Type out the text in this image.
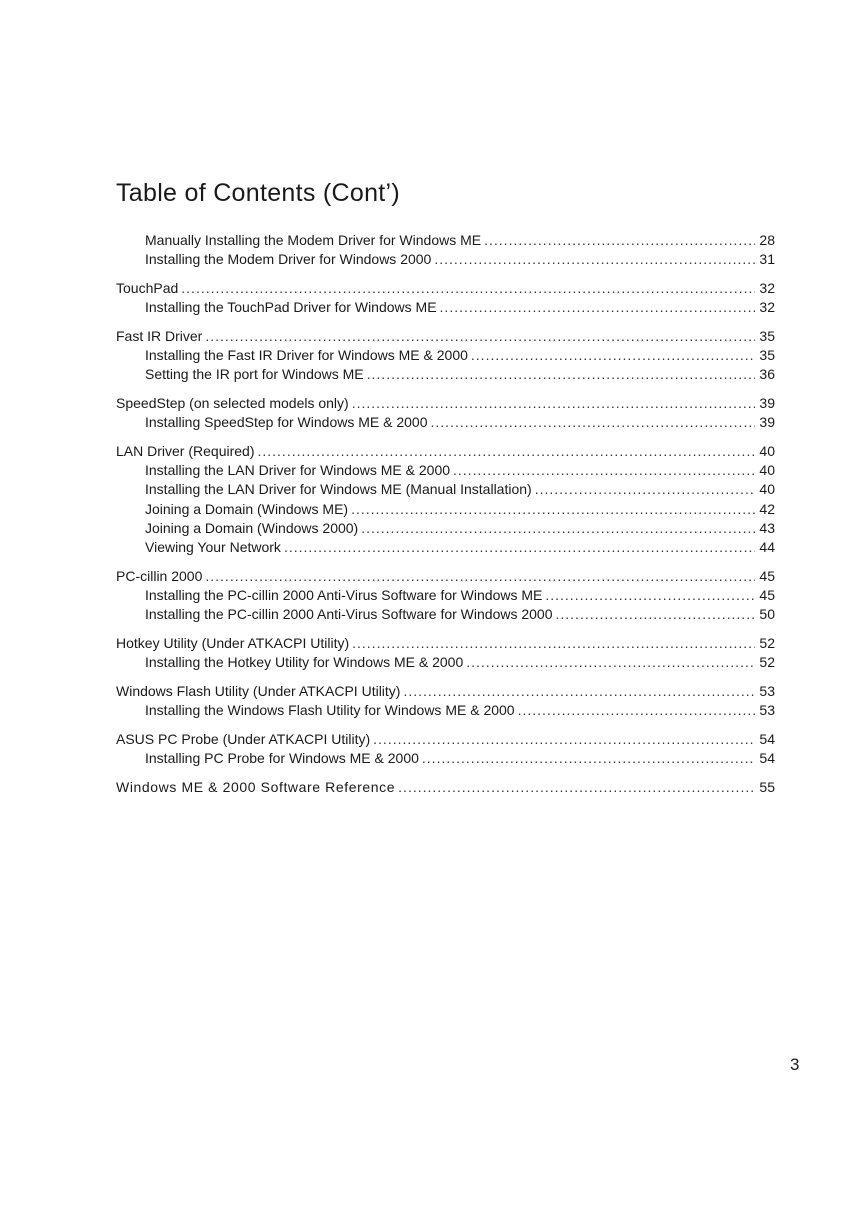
Table of Contents (Cont’)
Manually Installing the Modem Driver for Windows ME .....	28
Installing the Modem Driver for Windows 2000 .....	31
TouchPad .....	32
Installing the TouchPad Driver for Windows ME .....	32
Fast IR Driver .....	35
Installing the Fast IR Driver for Windows ME & 2000 .....	35
Setting the IR port for Windows ME .....	36
SpeedStep (on selected models only) .....	39
Installing SpeedStep for Windows ME & 2000 .....	39
LAN Driver (Required) .....	40
Installing the LAN Driver for Windows ME & 2000 .....	40
Installing the LAN Driver for Windows ME (Manual Installation) .....	40
Joining a Domain (Windows ME) .....	42
Joining a Domain (Windows 2000) .....	43
Viewing Your Network .....	44
PC-cillin 2000 .....	45
Installing the PC-cillin 2000 Anti-Virus Software for Windows ME .....	45
Installing the PC-cillin 2000 Anti-Virus Software for Windows 2000 .....	50
Hotkey Utility (Under ATKACPI Utility) .....	52
Installing the Hotkey Utility for Windows ME & 2000 .....	52
Windows Flash Utility (Under ATKACPI Utility) .....	53
Installing the Windows Flash Utility for Windows ME & 2000 .....	53
ASUS PC Probe (Under ATKACPI Utility) .....	54
Installing PC Probe for Windows ME & 2000 .....	54
Windows ME & 2000 Software Reference .....	55
3
